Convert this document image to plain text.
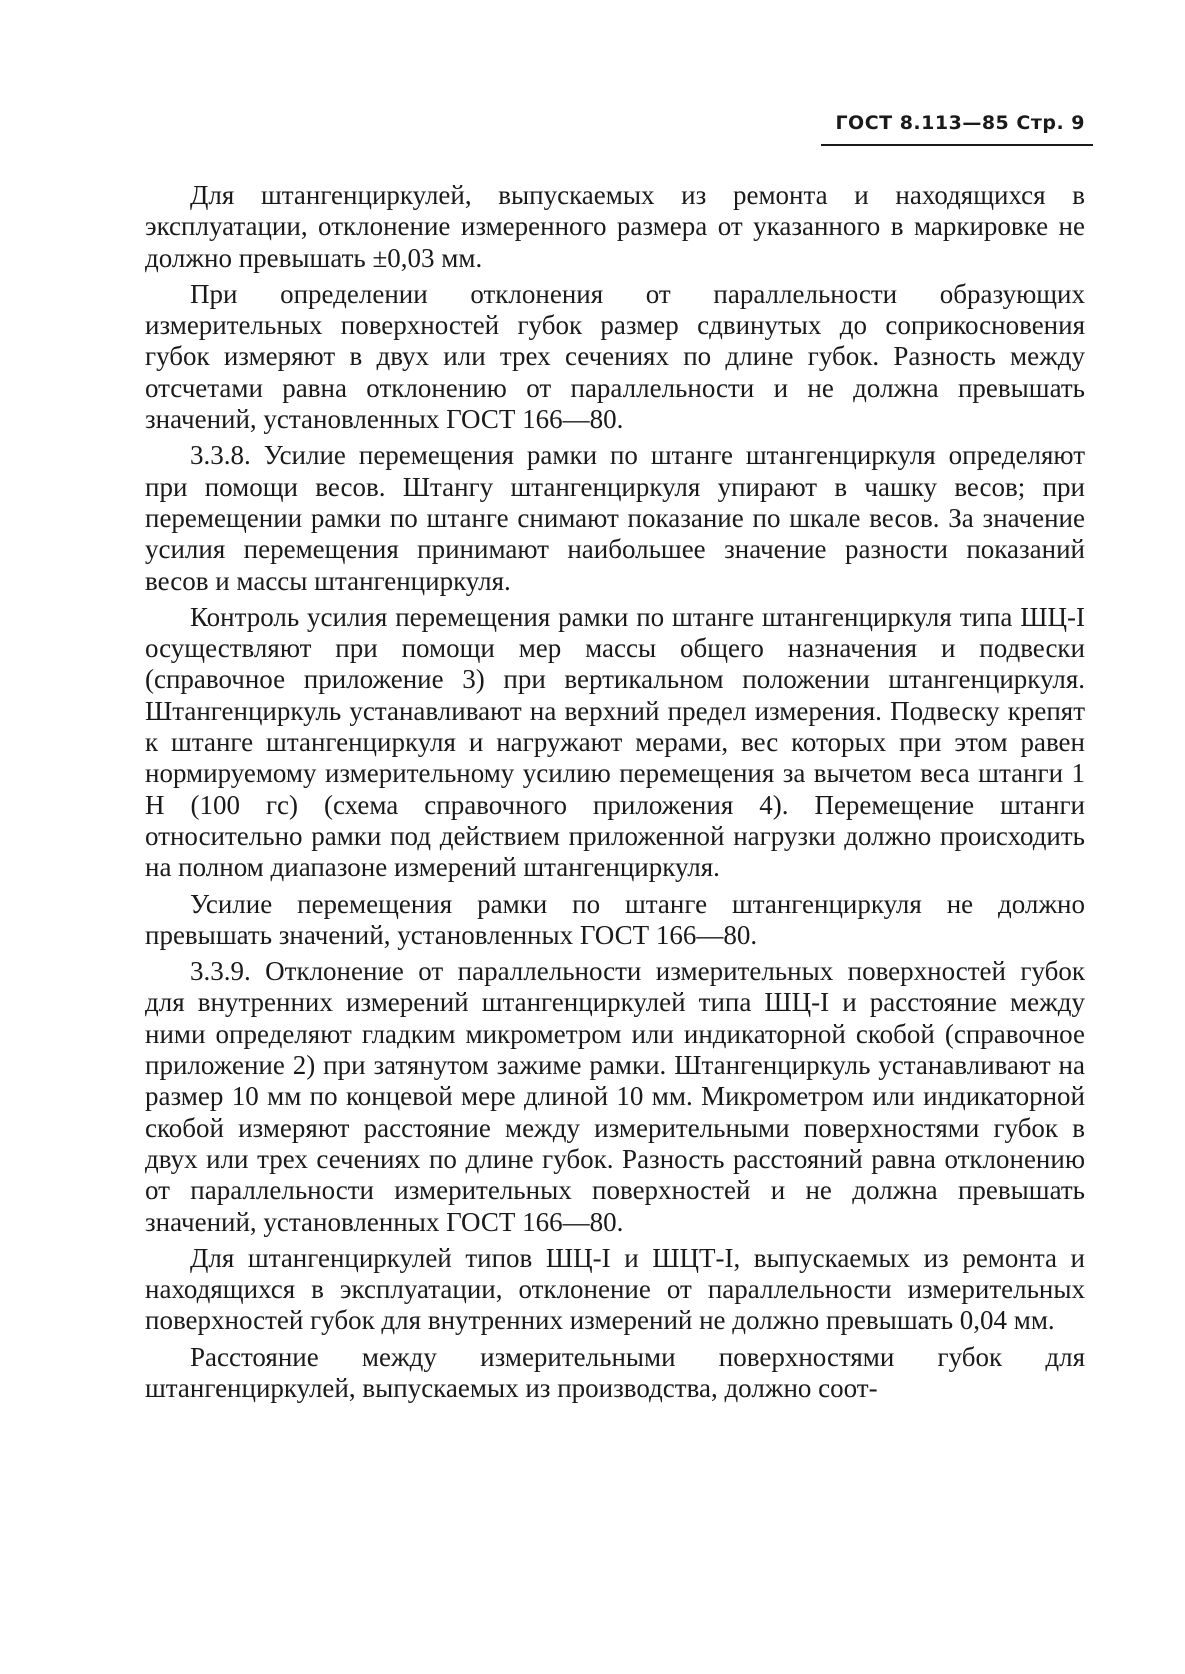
ГОСТ 8.113—85 Стр. 9

Для штангенциркулей, выпускаемых из ремонта и находящихся в эксплуатации, отклонение измеренного размера от указанного в маркировке не должно превышать ±0,03 мм.

При определении отклонения от параллельности образующих измерительных поверхностей губок размер сдвинутых до соприкосновения губок измеряют в двух или трех сечениях по длине губок. Разность между отсчетами равна отклонению от параллельности и не должна превышать значений, установленных ГОСТ 166—80.

3.3.8. Усилие перемещения рамки по штанге штангенциркуля определяют при помощи весов. Штангу штангенциркуля упирают в чашку весов; при перемещении рамки по штанге снимают показание по шкале весов. За значение усилия перемещения принимают наибольшее значение разности показаний весов и массы штангенциркуля.

Контроль усилия перемещения рамки по штанге штангенциркуля типа ШЦ-I осуществляют при помощи мер массы общего назначения и подвески (справочное приложение 3) при вертикальном положении штангенциркуля. Штангенциркуль устанавливают на верхний предел измерения. Подвеску крепят к штанге штангенциркуля и нагружают мерами, вес которых при этом равен нормируемому измерительному усилию перемещения за вычетом веса штанги 1 Н (100 гс) (схема справочного приложения 4). Перемещение штанги относительно рамки под действием приложенной нагрузки должно происходить на полном диапазоне измерений штангенциркуля.

Усилие перемещения рамки по штанге штангенциркуля не должно превышать значений, установленных ГОСТ 166—80.

3.3.9. Отклонение от параллельности измерительных поверхностей губок для внутренних измерений штангенциркулей типа ШЦ-I и расстояние между ними определяют гладким микрометром или индикаторной скобой (справочное приложение 2) при затянутом зажиме рамки. Штангенциркуль устанавливают на размер 10 мм по концевой мере длиной 10 мм. Микрометром или индикаторной скобой измеряют расстояние между измерительными поверхностями губок в двух или трех сечениях по длине губок. Разность расстояний равна отклонению от параллельности измерительных поверхностей и не должна превышать значений, установленных ГОСТ 166—80.

Для штангенциркулей типов ШЦ-I и ШЦТ-I, выпускаемых из ремонта и находящихся в эксплуатации, отклонение от параллельности измерительных поверхностей губок для внутренних измерений не должно превышать 0,04 мм.

Расстояние между измерительными поверхностями губок для штангенциркулей, выпускаемых из производства, должно соот-
